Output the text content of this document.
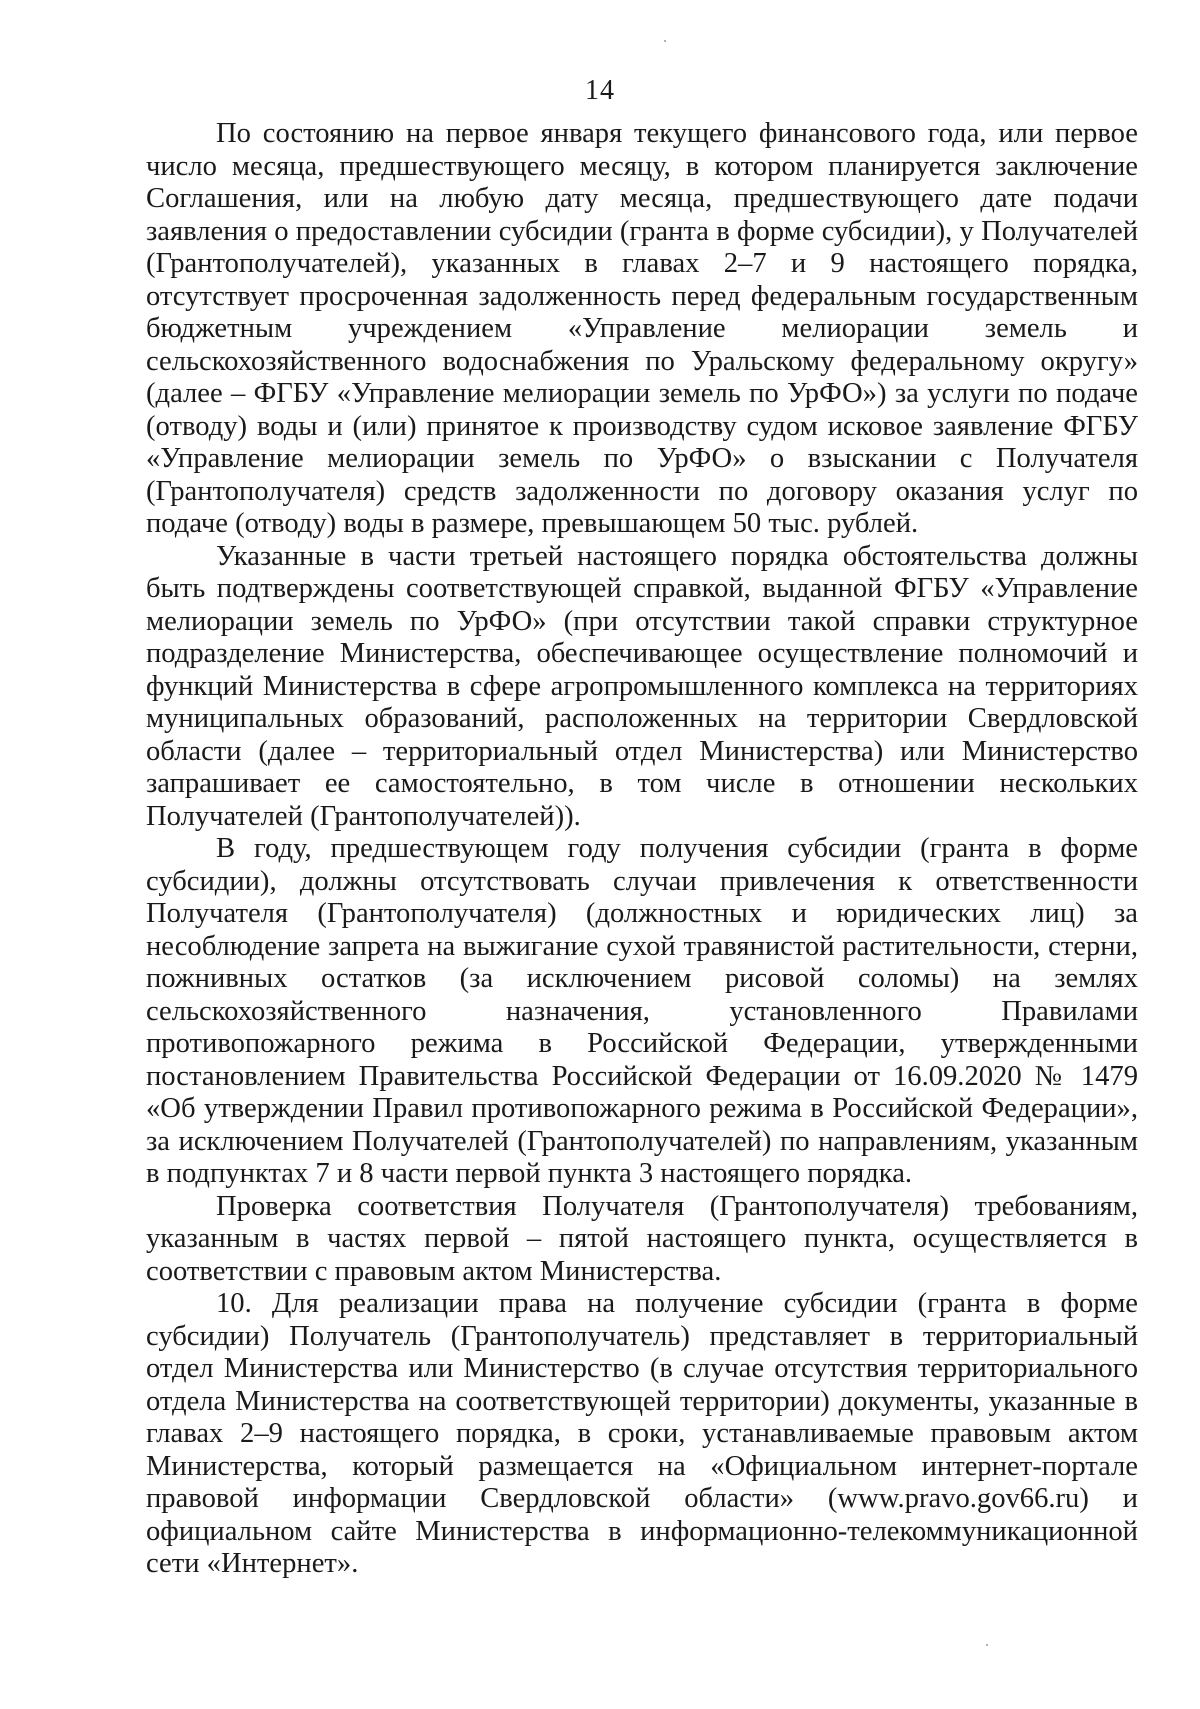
14

По состоянию на первое января текущего финансового года, или первое число месяца, предшествующего месяцу, в котором планируется заключение Соглашения, или на любую дату месяца, предшествующего дате подачи заявления о предоставлении субсидии (гранта в форме субсидии), у Получателей (Грантополучателей), указанных в главах 2–7 и 9 настоящего порядка, отсутствует просроченная задолженность перед федеральным государственным бюджетным учреждением «Управление мелиорации земель и сельскохозяйственного водоснабжения по Уральскому федеральному округу» (далее – ФГБУ «Управление мелиорации земель по УрФО») за услуги по подаче (отводу) воды и (или) принятое к производству судом исковое заявление ФГБУ «Управление мелиорации земель по УрФО» о взыскании с Получателя (Грантополучателя) средств задолженности по договору оказания услуг по подаче (отводу) воды в размере, превышающем 50 тыс. рублей.

Указанные в части третьей настоящего порядка обстоятельства должны быть подтверждены соответствующей справкой, выданной ФГБУ «Управление мелиорации земель по УрФО» (при отсутствии такой справки структурное подразделение Министерства, обеспечивающее осуществление полномочий и функций Министерства в сфере агропромышленного комплекса на территориях муниципальных образований, расположенных на территории Свердловской области (далее – территориальный отдел Министерства) или Министерство запрашивает ее самостоятельно, в том числе в отношении нескольких Получателей (Грантополучателей)).

В году, предшествующем году получения субсидии (гранта в форме субсидии), должны отсутствовать случаи привлечения к ответственности Получателя (Грантополучателя) (должностных и юридических лиц) за несоблюдение запрета на выжигание сухой травянистой растительности, стерни, пожнивных остатков (за исключением рисовой соломы) на землях сельскохозяйственного назначения, установленного Правилами противопожарного режима в Российской Федерации, утвержденными постановлением Правительства Российской Федерации от 16.09.2020 № 1479 «Об утверждении Правил противопожарного режима в Российской Федерации», за исключением Получателей (Грантополучателей) по направлениям, указанным в подпунктах 7 и 8 части первой пункта 3 настоящего порядка.

Проверка соответствия Получателя (Грантополучателя) требованиям, указанным в частях первой – пятой настоящего пункта, осуществляется в соответствии с правовым актом Министерства.

10. Для реализации права на получение субсидии (гранта в форме субсидии) Получатель (Грантополучатель) представляет в территориальный отдел Министерства или Министерство (в случае отсутствия территориального отдела Министерства на соответствующей территории) документы, указанные в главах 2–9 настоящего порядка, в сроки, устанавливаемые правовым актом Министерства, который размещается на «Официальном интернет-портале правовой информации Свердловской области» (www.pravo.gov66.ru) и официальном сайте Министерства в информационно-телекоммуникационной сети «Интернет».
